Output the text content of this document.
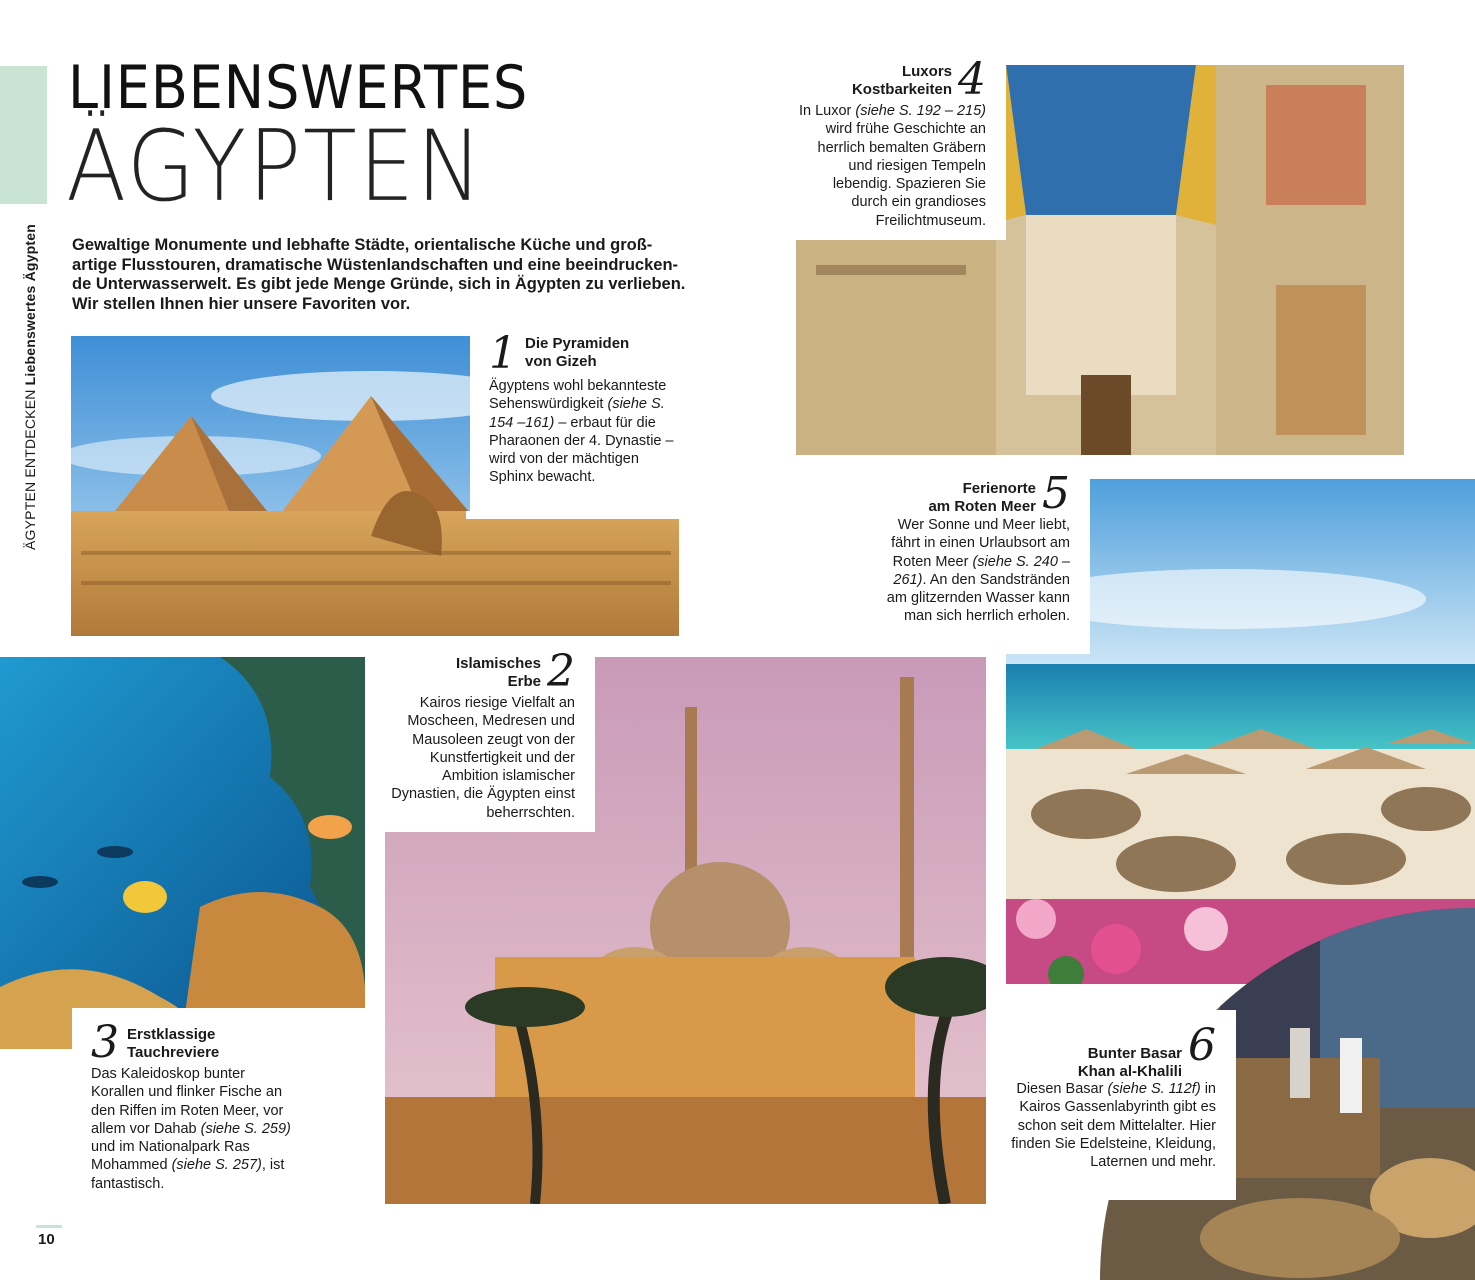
ÄGYPTEN ENTDECKEN Liebenswertes Ägypten
LIEBENSWERTES
ÄGYPTEN
Gewaltige Monumente und lebhafte Städte, orientalische Küche und groß-artige Flusstouren, dramatische Wüstenlandschaften und eine beeindrucken-de Unterwasserwelt. Es gibt jede Menge Gründe, sich in Ägypten zu verlieben. Wir stellen Ihnen hier unsere Favoriten vor.
1 Die Pyramiden
von Gizeh
Ägyptens wohl bekannteste Sehenswürdigkeit (siehe S. 154 –161) – erbaut für die Pharaonen der 4. Dynastie – wird von der mächtigen Sphinx bewacht.
Luxors
Kostbarkeiten 4
In Luxor (siehe S. 192 – 215) wird frühe Geschichte an herrlich bemalten Gräbern und riesigen Tempeln lebendig. Spazieren Sie durch ein grandioses Freilichtmuseum.
Ferienorte
am Roten Meer 5
Wer Sonne und Meer liebt, fährt in einen Urlaubsort am Roten Meer (siehe S. 240 – 261). An den Sandstränden am glitzernden Wasser kann man sich herrlich erholen.
3 Erstklassige
Tauchreviere
Das Kaleidoskop bunter Korallen und flinker Fische an den Riffen im Roten Meer, vor allem vor Dahab (siehe S. 259) und im Nationalpark Ras Mohammed (siehe S. 257), ist fantastisch.
Islamisches
Erbe 2
Kairos riesige Vielfalt an Moscheen, Medresen und Mausoleen zeugt von der Kunstfertigkeit und der Ambition islamischer Dynastien, die Ägypten einst beherrschten.
Bunter Basar
Khan al-Khalili 6
Diesen Basar (siehe S. 112f) in Kairos Gassenlabyrinth gibt es schon seit dem Mittelalter. Hier finden Sie Edelsteine, Kleidung, Laternen und mehr.
10
